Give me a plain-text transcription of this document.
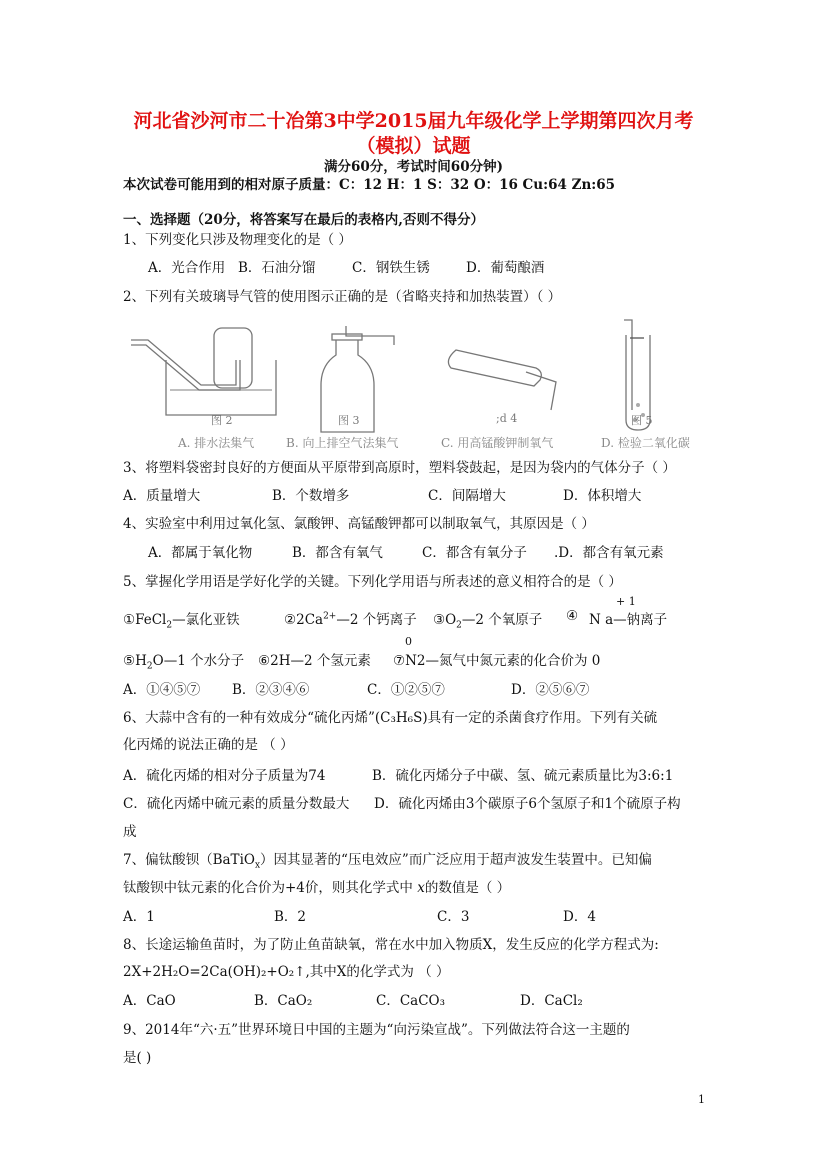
河北省沙河市二十冶第3中学2015届九年级化学上学期第四次月考
（模拟）试题
满分60分，考试时间60分钟)
本次试卷可能用到的相对原子质量：C：12 H：1 S：32 O：16 Cu:64 Zn:65
一、选择题（20分，将答案写在最后的表格内,否则不得分）
1、下列变化只涉及物理变化的是（ ）
A．光合作用 B．石油分馏	C．钢铁生锈	D．葡萄酿酒
2、下列有关玻璃导气管的使用图示正确的是（省略夹持和加热装置）（ ）
图 2	图 3	;d 4	图 5
A. 排水法集气	B. 向上排空气法集气	C. 用高锰酸钾制氧气	D. 检验二氧化碳
3、将塑料袋密封良好的方便面从平原带到高原时，塑料袋鼓起，是因为袋内的气体分子（ ）
A．质量增大	B．个数增多	C．间隔增大	D．体积增大
4、实验室中利用过氧化氢、氯酸钾、高锰酸钾都可以制取氧气，其原因是（ ）
A．都属于氧化物	B．都含有氧气	C．都含有氧分子 .D．都含有氧元素
5、掌握化学用语是学好化学的关键。下列化学用语与所表述的意义相符合的是（ ）
①FeCl$_2$—氯化亚铁	$②2Ca^{2+}—2$ 个钙离子 $③O_2—2$ 个氧原子
+ 1
④ N a—钠离子
$⑤H_2O—1$ 个水分子 ⑥2H—2 个氢元素
0
⑦N2—氮气中氮元素的化合价为 0
A．①④⑤⑦ B．②③④⑥	C．①②⑤⑦	D．②⑤⑥⑦
6、大蒜中含有的一种有效成分“硫化丙烯”(C₃H₆S)具有一定的杀菌食疗作用。下列有关硫
化丙烯的说法正确的是 （ ）
A．硫化丙烯的相对分子质量为74	B．硫化丙烯分子中碳、氢、硫元素质量比为3:6:1
C．硫化丙烯中硫元素的质量分数最大 D．硫化丙烯由3个碳原子6个氢原子和1个硫原子构
成
7、偏钛酸钡（BaTiO$_x$）因其显著的“压电效应”而广泛应用于超声波发生装置中。已知偏
钛酸钡中钛元素的化合价为+4价，则其化学式中 x的数值是（ ）
A．1	B．2	C．3	D．4
8、长途运输鱼苗时，为了防止鱼苗缺氧，常在水中加入物质X，发生反应的化学方程式为:
2X+2H₂O=2Ca(OH)₂+O₂↑,其中X的化学式为 （ ）
A．CaO	B．CaO₂	C．CaCO₃	D．CaCl₂
9、2014年“六·五”世界环境日中国的主题为“向污染宣战”。下列做法符合这一主题的
是( )
1
